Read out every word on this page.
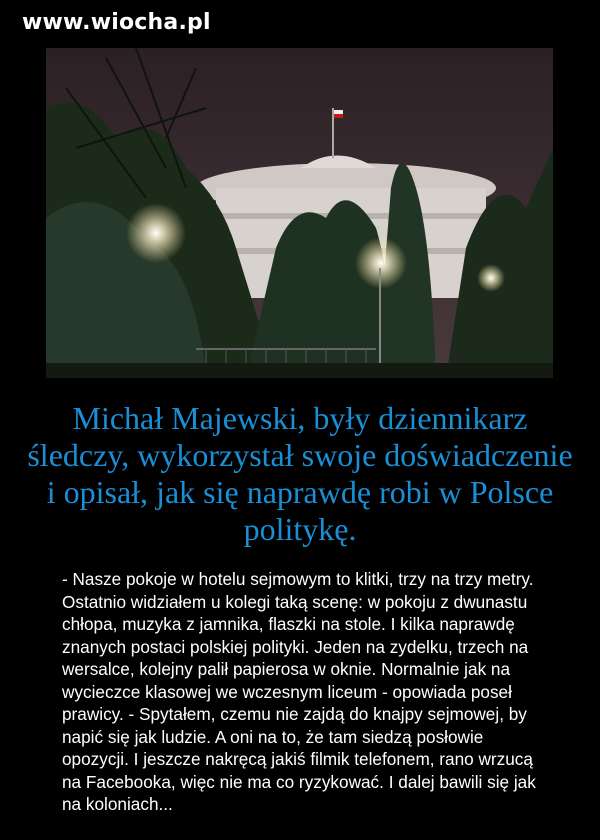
www.wiocha.pl

Michał Majewski, były dziennikarz śledczy, wykorzystał swoje doświadczenie i opisał, jak się naprawdę robi w Polsce politykę.

- Nasze pokoje w hotelu sejmowym to klitki, trzy na trzy metry. Ostatnio widziałem u kolegi taką scenę: w pokoju z dwunastu chłopa, muzyka z jamnika, flaszki na stole. I kilka naprawdę znanych postaci polskiej polityki. Jeden na zydelku, trzech na wersalce, kolejny palił papierosa w oknie. Normalnie jak na wycieczce klasowej we wczesnym liceum - opowiada poseł prawicy. - Spytałem, czemu nie zajdą do knajpy sejmowej, by napić się jak ludzie. A oni na to, że tam siedzą posłowie opozycji. I jeszcze nakręcą jakiś filmik telefonem, rano wrzucą na Facebooka, więc nie ma co ryzykować. I dalej bawili się jak na koloniach...
